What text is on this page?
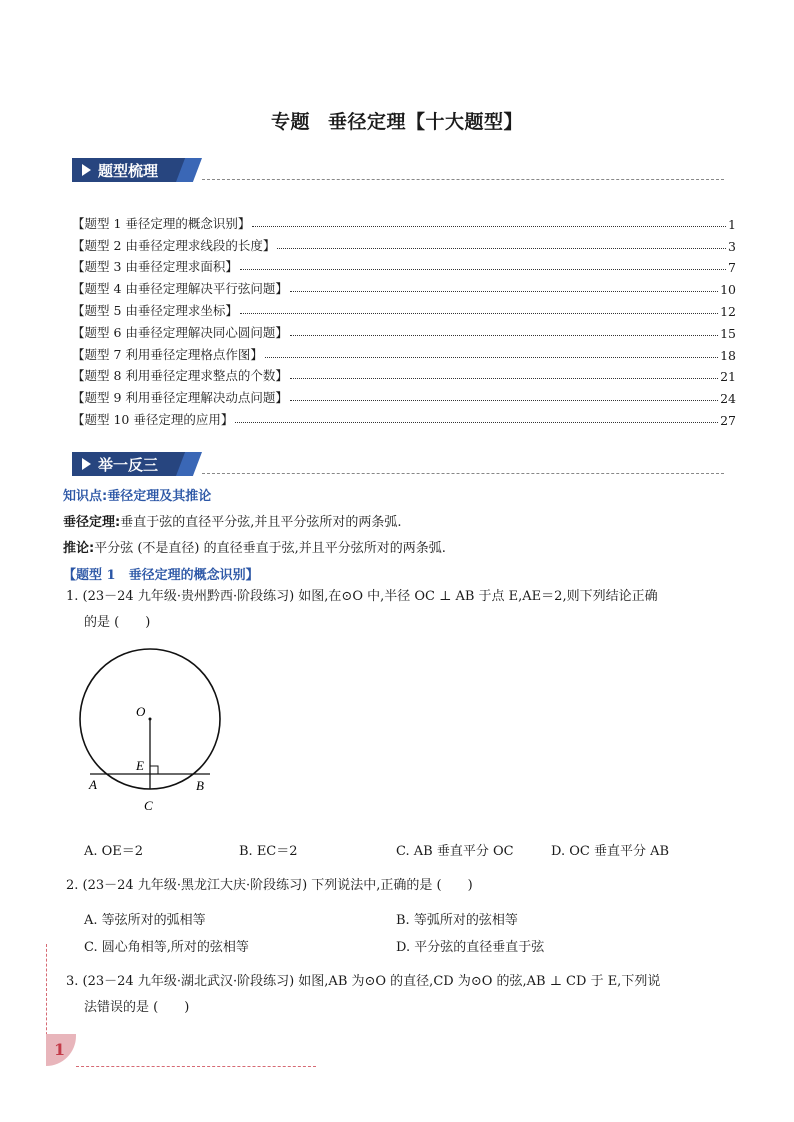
专题 垂径定理【十大题型】
题型梳理
【题型 1 垂径定理的概念识别】	1
【题型 2 由垂径定理求线段的长度】	3
【题型 3 由垂径定理求面积】	7
【题型 4 由垂径定理解决平行弦问题】	10
【题型 5 由垂径定理求坐标】	12
【题型 6 由垂径定理解决同心圆问题】	15
【题型 7 利用垂径定理格点作图】	18
【题型 8 利用垂径定理求整点的个数】	21
【题型 9 利用垂径定理解决动点问题】	24
【题型 10 垂径定理的应用】	27
举一反三
知识点:垂径定理及其推论
垂径定理:垂直于弦的直径平分弦,并且平分弦所对的两条弧.
推论:平分弦 (不是直径) 的直径垂直于弦,并且平分弦所对的两条弧.
【题型 1　垂径定理的概念识别】
1. (23－24 九年级·贵州黔西·阶段练习) 如图,在⊙O 中,半径 OC ⊥ AB 于点 E,AE＝2,则下列结论正确
的是 (　　)
O
E
A	B
C
A. OE＝2	B. EC＝2	C. AB 垂直平分 OC	D. OC 垂直平分 AB
2. (23－24 九年级·黑龙江大庆·阶段练习) 下列说法中,正确的是 (　　)
A. 等弦所对的弧相等	B. 等弧所对的弦相等
C. 圆心角相等,所对的弦相等	D. 平分弦的直径垂直于弦
3. (23－24 九年级·湖北武汉·阶段练习) 如图,AB 为⊙O 的直径,CD 为⊙O 的弦,AB ⊥ CD 于 E,下列说
法错误的是 (　　)
1
